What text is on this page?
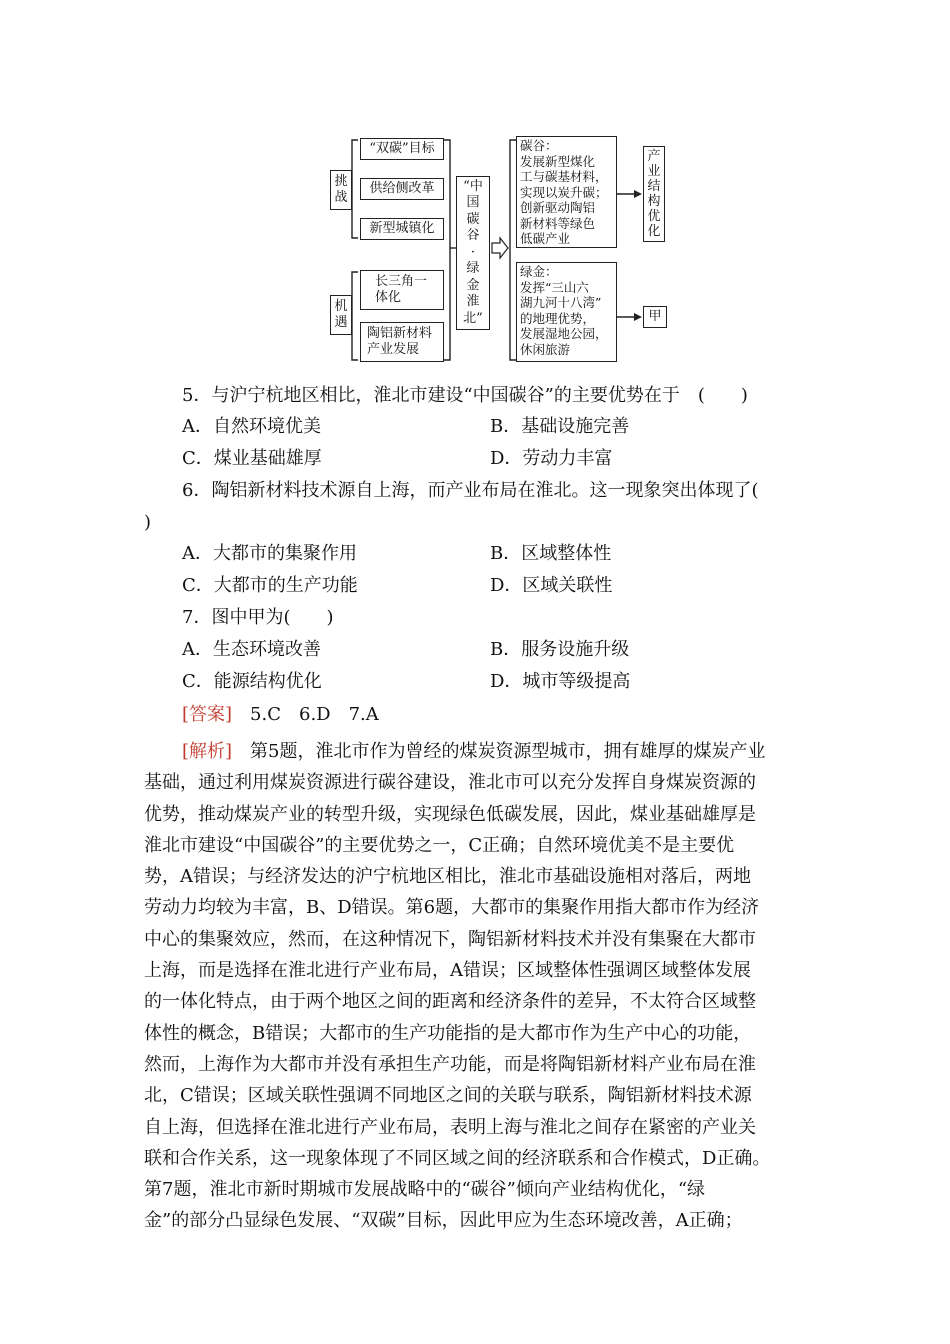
挑
战
机
遇
“双碳”目标
供给侧改革
新型城镇化
长三角一体化
陶铝新材料产业发展
“中
国
碳
谷
·
绿
金
淮
北”
碳谷：
发展新型煤化
工与碳基材料，
实现以炭升碳；
创新驱动陶铝
新材料等绿色
低碳产业
绿金：
发挥“三山六
湖九河十八湾”
的地理优势，
发展湿地公园，
休闲旅游
产
业
结
构
优
化
甲
5．与沪宁杭地区相比，淮北市建设“中国碳谷”的主要优势在于　(　　)
A．自然环境优美	B．基础设施完善
C．煤业基础雄厚	D．劳动力丰富
6．陶铝新材料技术源自上海，而产业布局在淮北。这一现象突出体现了(
)
A．大都市的集聚作用	B．区域整体性
C．大都市的生产功能	D．区域关联性
7．图中甲为(　　)
A．生态环境改善	B．服务设施升级
C．能源结构优化	D．城市等级提高
[答案]　5.C　6.D　7.A
[解析]　第5题，淮北市作为曾经的煤炭资源型城市，拥有雄厚的煤炭产业
基础，通过利用煤炭资源进行碳谷建设，淮北市可以充分发挥自身煤炭资源的
优势，推动煤炭产业的转型升级，实现绿色低碳发展，因此，煤业基础雄厚是
淮北市建设“中国碳谷”的主要优势之一，C正确；自然环境优美不是主要优
势，A错误；与经济发达的沪宁杭地区相比，淮北市基础设施相对落后，两地
劳动力均较为丰富，B、D错误。第6题，大都市的集聚作用指大都市作为经济
中心的集聚效应，然而，在这种情况下，陶铝新材料技术并没有集聚在大都市
上海，而是选择在淮北进行产业布局，A错误；区域整体性强调区域整体发展
的一体化特点，由于两个地区之间的距离和经济条件的差异，不太符合区域整
体性的概念，B错误；大都市的生产功能指的是大都市作为生产中心的功能，
然而，上海作为大都市并没有承担生产功能，而是将陶铝新材料产业布局在淮
北，C错误；区域关联性强调不同地区之间的关联与联系，陶铝新材料技术源
自上海，但选择在淮北进行产业布局，表明上海与淮北之间存在紧密的产业关
联和合作关系，这一现象体现了不同区域之间的经济联系和合作模式，D正确。
第7题，淮北市新时期城市发展战略中的“碳谷”倾向产业结构优化，“绿
金”的部分凸显绿色发展、“双碳”目标，因此甲应为生态环境改善，A正确；
